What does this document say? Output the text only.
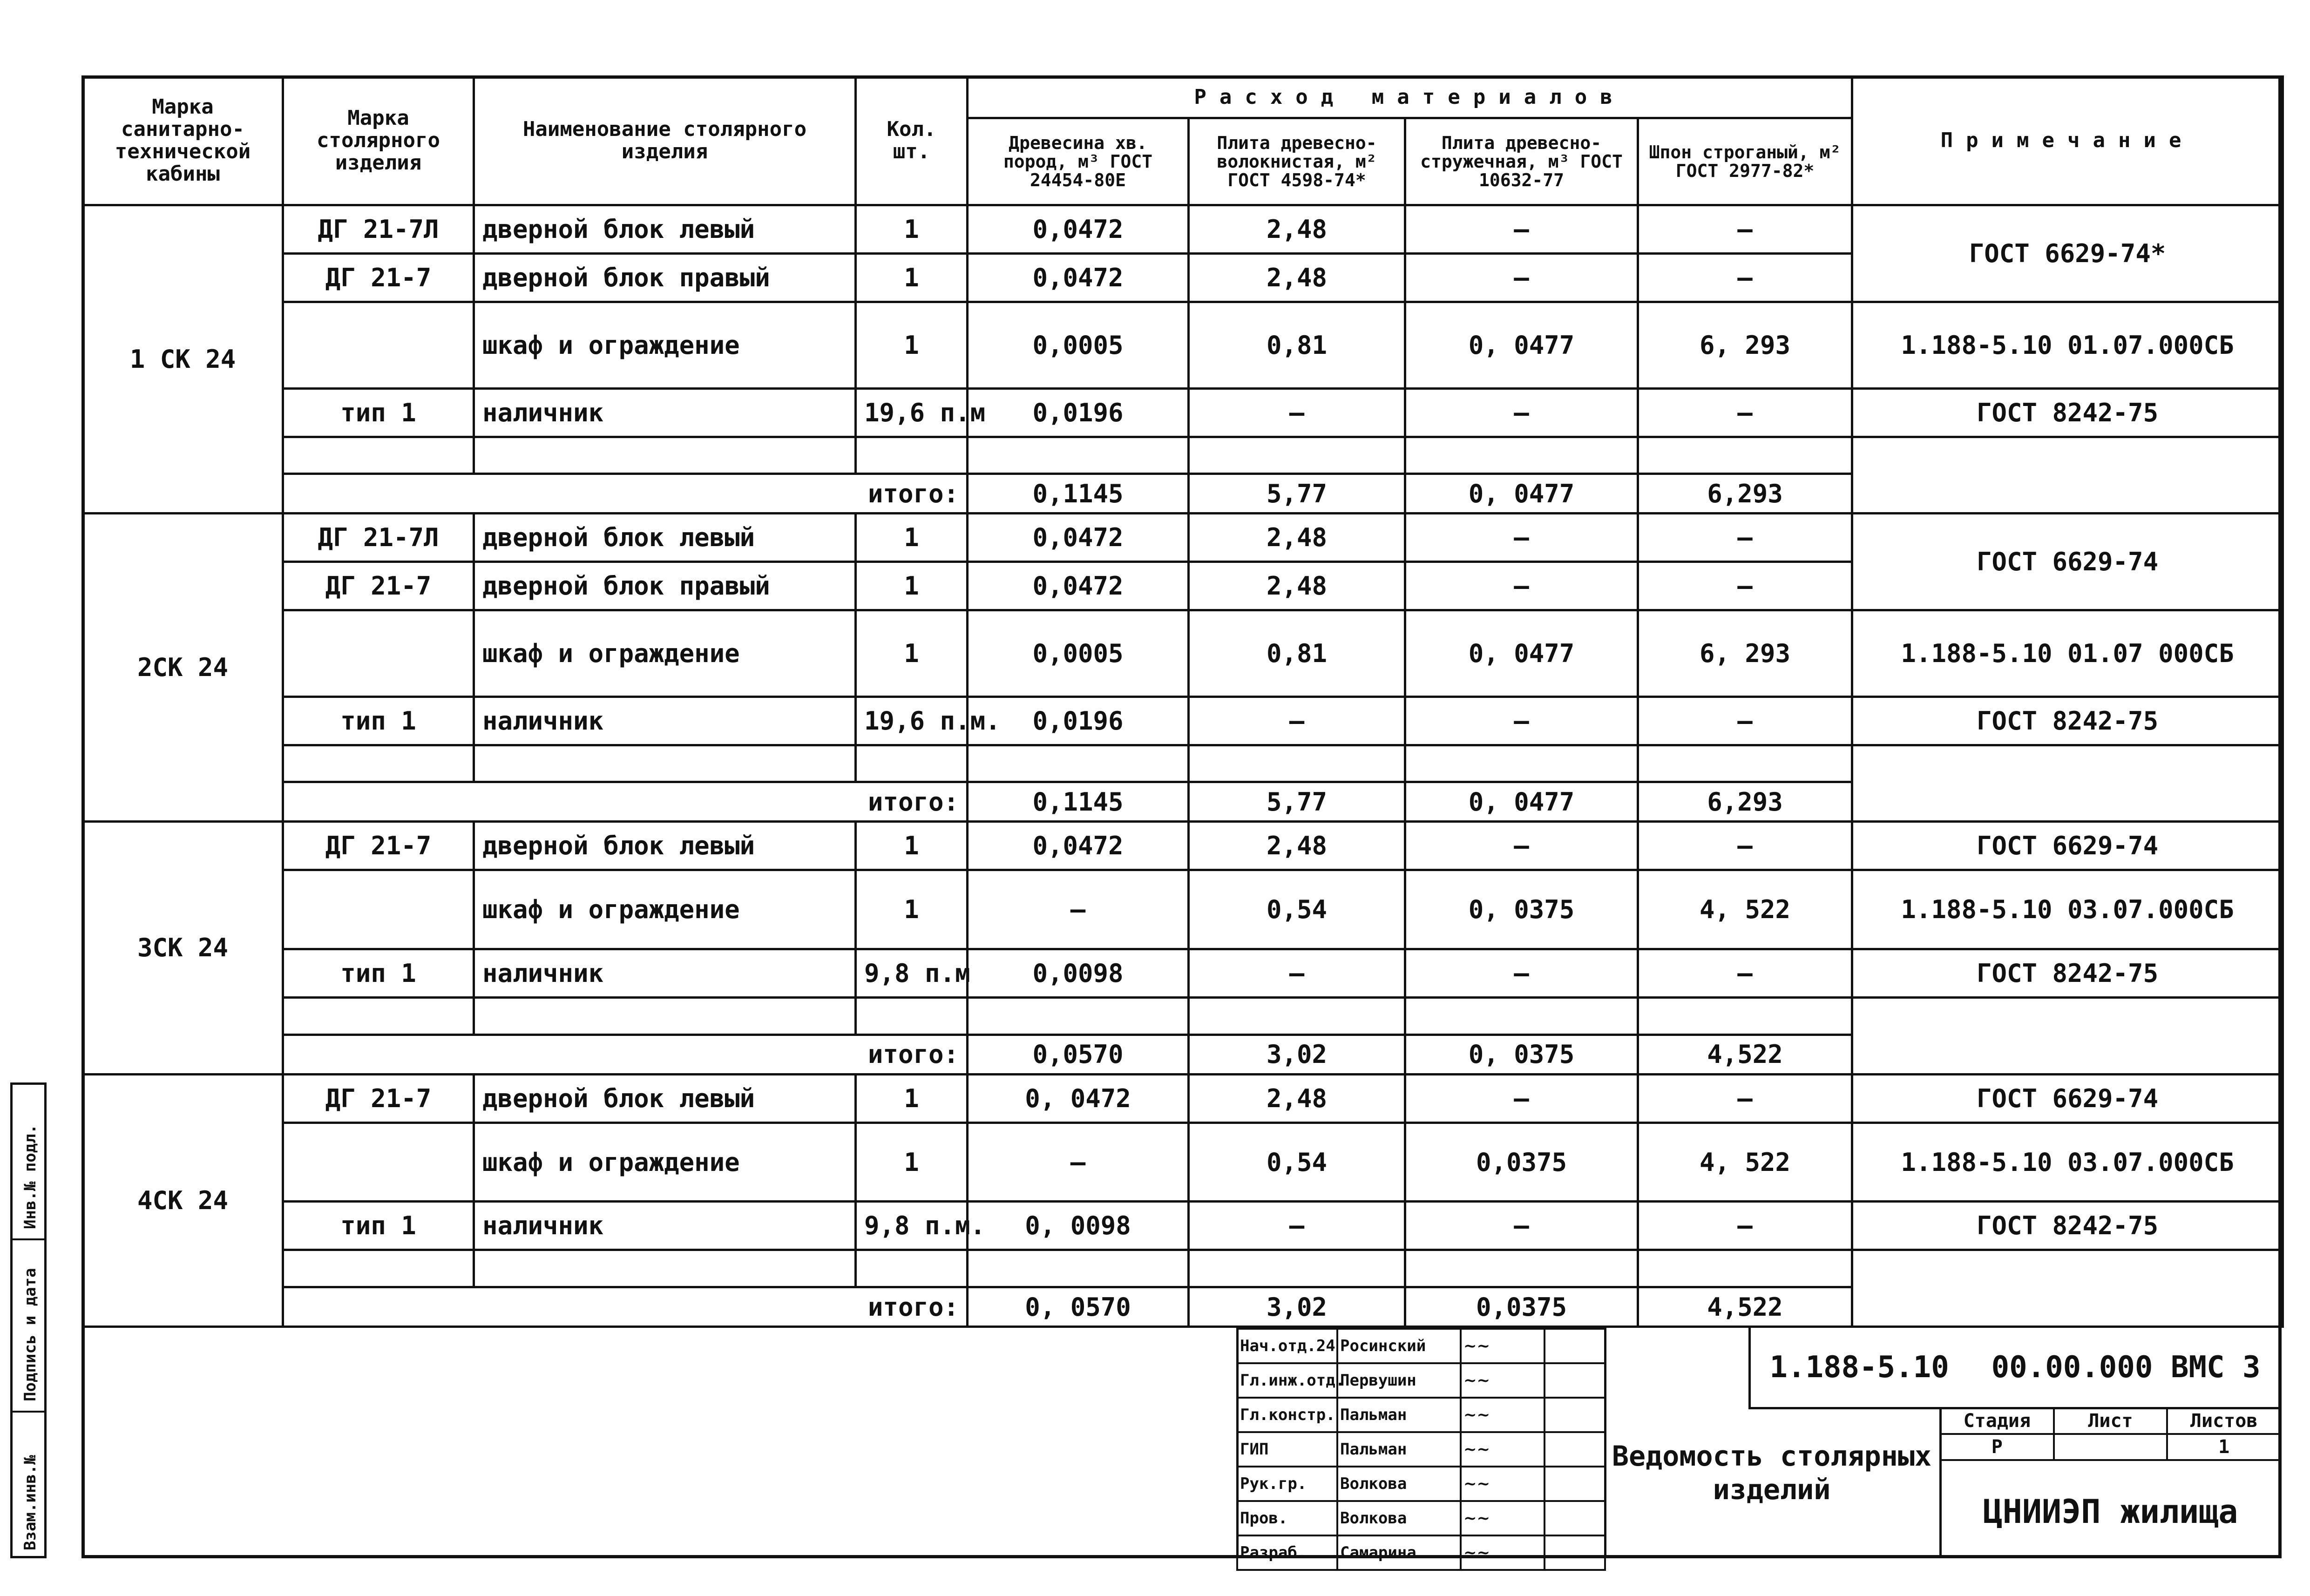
Марка санитарно-технической кабины	Марка столярного изделия	Наименование столярного изделия	Кол. шт.	Расход материалов				Примечание
				Древесина хв. пород, м³ ГОСТ 24454-80Е	Плита древесно-волокнистая, м² ГОСТ 4598-74*	Плита древесно-стружечная, м³ ГОСТ 10632-77	Шпон строганый, м² ГОСТ 2977-82*	
1 СК 24	ДГ 21-7Л	дверной блок левый	1	0,0472	2,48	—	—	ГОСТ 6629-74*
	ДГ 21-7	дверной блок правый	1	0,0472	2,48	—	—	
		шкаф и ограждение	1	0,0005	0,81	0, 0477	6, 293	1.188-5.10 01.07.000СБ
	тип 1	наличник	19,6 п.м	0,0196	—	—	—	ГОСТ 8242-75

	итого:			0,1145	5,77	0, 0477	6,293	
2СК 24	ДГ 21-7Л	дверной блок левый	1	0,0472	2,48	—	—	ГОСТ 6629-74
	ДГ 21-7	дверной блок правый	1	0,0472	2,48	—	—	
		шкаф и ограждение	1	0,0005	0,81	0, 0477	6, 293	1.188-5.10 01.07 000СБ
	тип 1	наличник	19,6 п.м.	0,0196	—	—	—	ГОСТ 8242-75

	итого:			0,1145	5,77	0, 0477	6,293	
3СК 24	ДГ 21-7	дверной блок левый	1	0,0472	2,48	—	—	ГОСТ 6629-74
		шкаф и ограждение	1	–	0,54	0, 0375	4, 522	1.188-5.10 03.07.000СБ
	тип 1	наличник	9,8 п.м	0,0098	—	—	—	ГОСТ 8242-75

	итого:			0,0570	3,02	0, 0375	4,522	
4СК 24	ДГ 21-7	дверной блок левый	1	0, 0472	2,48	—	—	ГОСТ 6629-74
		шкаф и ограждение	1	–	0,54	0,0375	4, 522	1.188-5.10 03.07.000СБ
	тип 1	наличник	9,8 п.м.	0, 0098	—	—	—	ГОСТ 8242-75

	итого:			0, 0570	3,02	0,0375	4,522	
Нач.отд.24	Росинский	~~	
Гл.инж.отд.	Первушин	~~	
Гл.констр.	Пальман	~~	
ГИП	Пальман	~~	
Рук.гр.	Волкова	~~	
Пров.	Волкова	~~	
Разраб.	Самарина	~~	
1.188-5.10 00.00.000 ВМС 3
Ведомость столярных изделий
Стадия	Лист	Листов
Р		1
ЦНИИЭП жилища
Инв.№ подл.
Подпись и дата
Взам.инв.№
